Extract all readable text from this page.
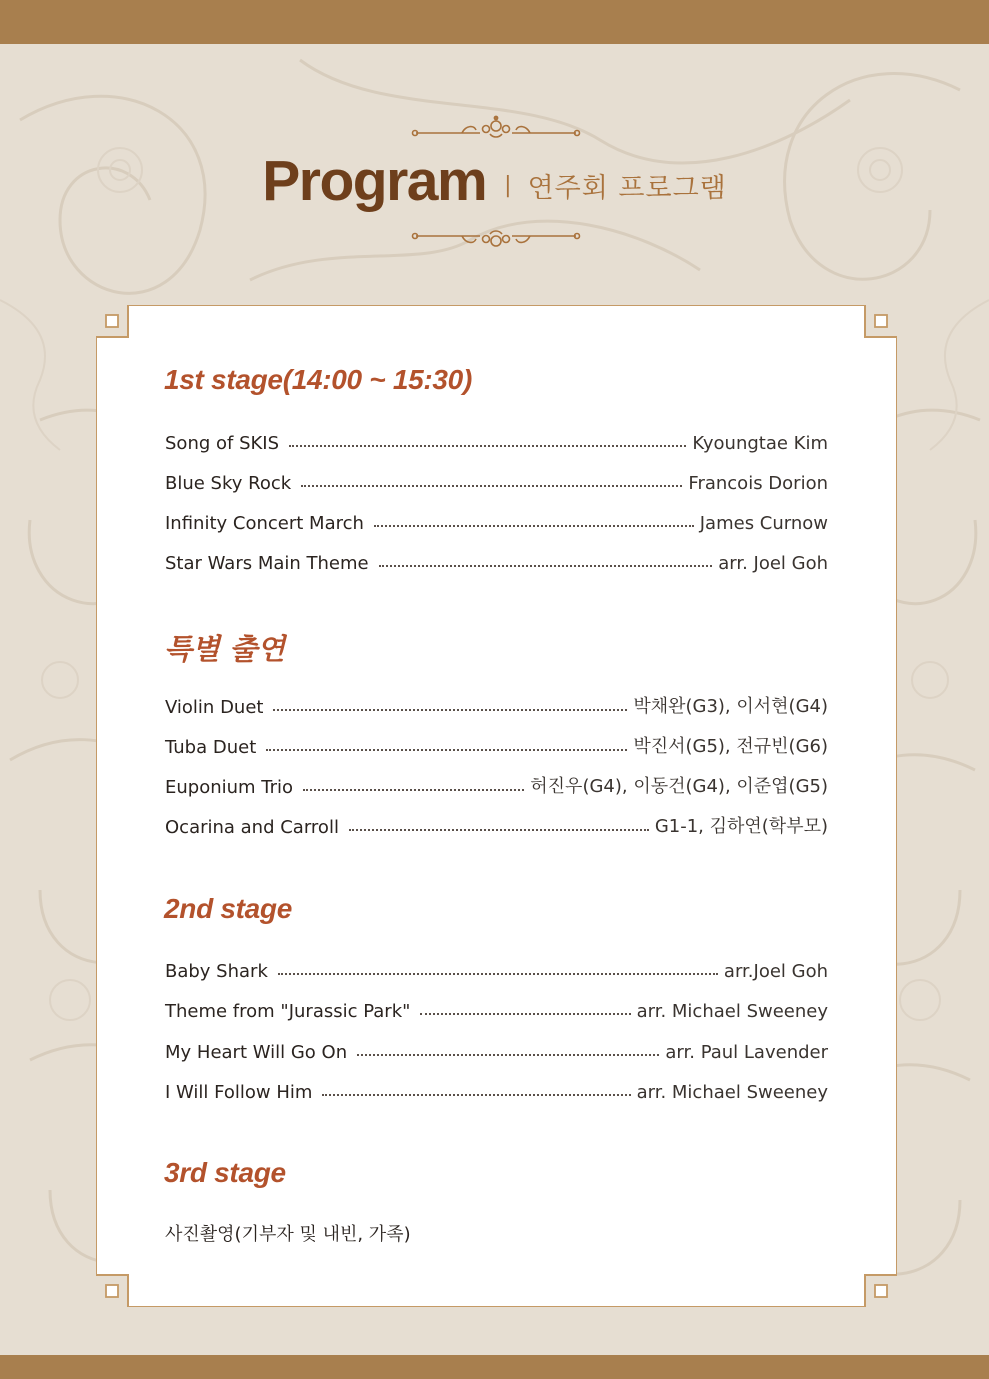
Program | 연주회 프로그램
1st stage(14:00 ~ 15:30)
Song of SKIS	Kyoungtae Kim
Blue Sky Rock	Francois Dorion
Infinity Concert March	James Curnow
Star Wars Main Theme	arr. Joel Goh
특별 출연
Violin Duet	박채완(G3), 이서현(G4)
Tuba Duet	박진서(G5), 전규빈(G6)
Euponium Trio	허진우(G4), 이동건(G4), 이준엽(G5)
Ocarina and Carroll	G1-1, 김하연(학부모)
2nd stage
Baby Shark	arr.Joel Goh
Theme from "Jurassic Park"	arr. Michael Sweeney
My Heart Will Go On	arr. Paul Lavender
I Will Follow Him	arr. Michael Sweeney
3rd stage
사진촬영(기부자 및 내빈, 가족)
